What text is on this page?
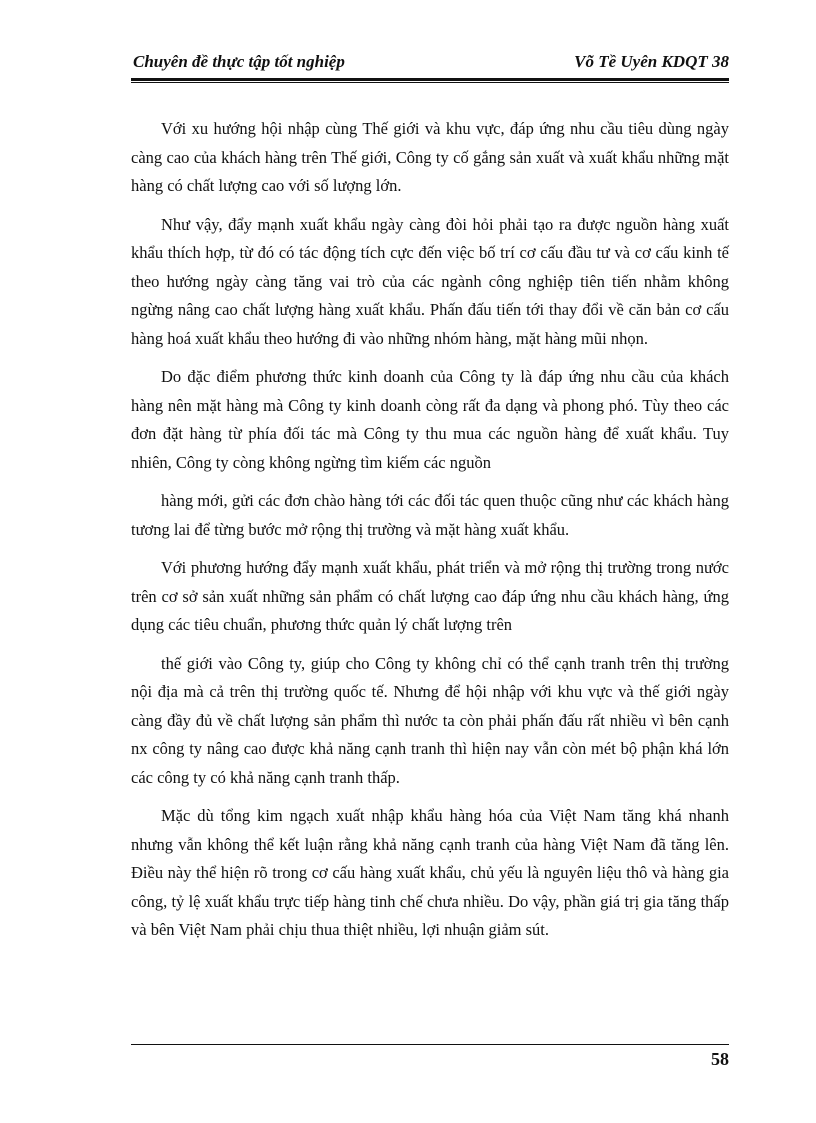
Chuyên đề thực tập tốt nghiệp	Võ Tề Uyên KDQT 38

Với xu hướng hội nhập cùng Thế giới và khu vực, đáp ứng nhu cầu tiêu dùng ngày càng cao của khách hàng trên Thế giới, Công ty cố gắng sản xuất và xuất khẩu những mặt hàng có chất lượng cao với số lượng lớn.

Như vậy, đẩy mạnh xuất khẩu ngày càng đòi hỏi phải tạo ra được nguồn hàng xuất khẩu thích hợp, từ đó có tác động tích cực đến việc bố trí cơ cấu đầu tư và cơ cấu kinh tế theo hướng ngày càng tăng vai trò của các ngành công nghiệp tiên tiến nhằm không ngừng nâng cao chất lượng hàng xuất khẩu. Phấn đấu tiến tới thay đổi về căn bản cơ cấu hàng hoá xuất khẩu theo hướng đi vào những nhóm hàng, mặt hàng mũi nhọn.

Do đặc điểm phương thức kinh doanh của Công ty là đáp ứng nhu cầu của khách hàng nên mặt hàng mà Công ty kinh doanh còng rất đa dạng và phong phó. Tùy theo các đơn đặt hàng từ phía đối tác mà Công ty thu mua các nguồn hàng để xuất khẩu. Tuy nhiên, Công ty còng không ngừng tìm kiếm các nguồn

hàng mới, gửi các đơn chào hàng tới các đối tác quen thuộc cũng như các khách hàng tương lai để từng bước mở rộng thị trường và mặt hàng xuất khẩu.

Với phương hướng đẩy mạnh xuất khẩu, phát triển và mở rộng thị trường trong nước trên cơ sở sản xuất những sản phẩm có chất lượng cao đáp ứng nhu cầu khách hàng, ứng dụng các tiêu chuẩn, phương thức quản lý chất lượng trên

thế giới vào Công ty, giúp cho Công ty không chỉ có thể cạnh tranh trên thị trường nội địa mà cả trên thị trường quốc tế. Nhưng để hội nhập với khu vực và thế giới ngày càng đầy đủ về chất lượng sản phẩm thì nước ta còn phải phấn đấu rất nhiều vì bên cạnh nx công ty nâng cao được khả năng cạnh tranh thì hiện nay vẫn còn mét bộ phận khá lớn các công ty có khả năng cạnh tranh thấp.

Mặc dù tổng kim ngạch xuất nhập khẩu hàng hóa của Việt Nam tăng khá nhanh nhưng vẫn không thể kết luận rằng khả năng cạnh tranh của hàng Việt Nam đã tăng lên. Điều này thể hiện rõ trong cơ cấu hàng xuất khẩu, chủ yếu là nguyên liệu thô và hàng gia công, tỷ lệ xuất khẩu trực tiếp hàng tinh chế chưa nhiều. Do vậy, phần giá trị gia tăng thấp và bên Việt Nam phải chịu thua thiệt nhiều, lợi nhuận giảm sút.

58
